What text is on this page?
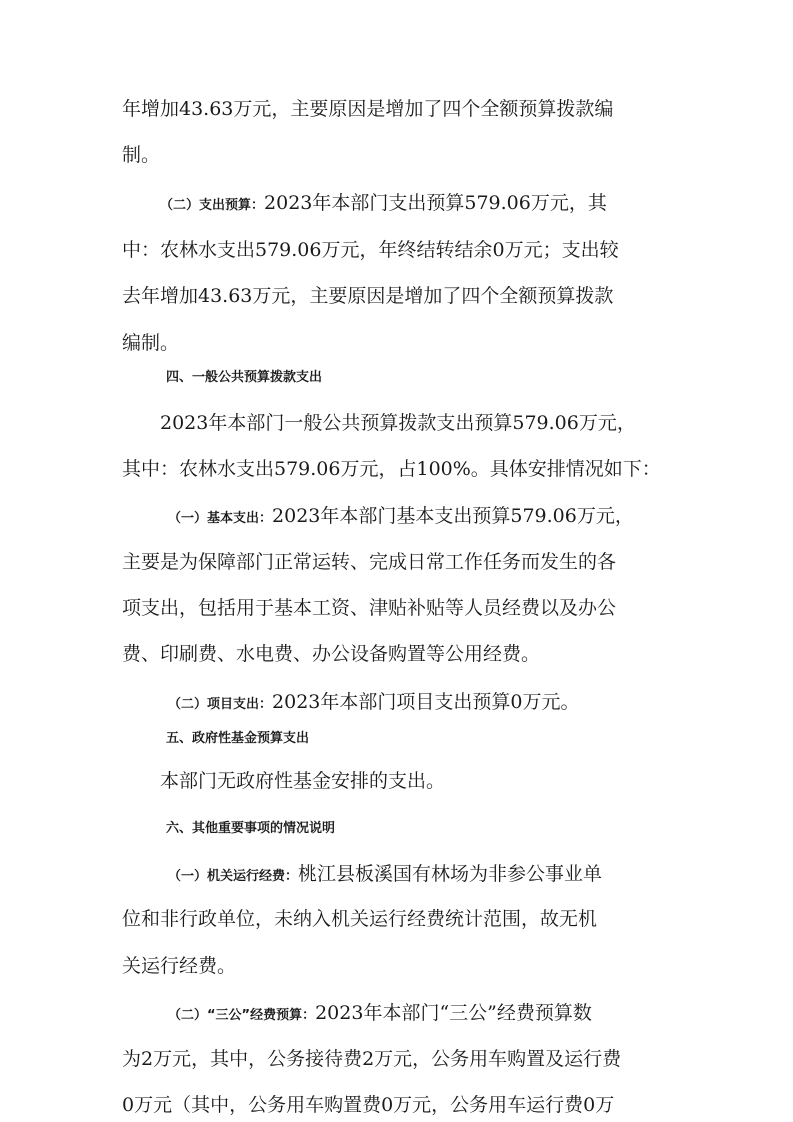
年增加43.63万元，主要原因是增加了四个全额预算拨款编
制。
（二）支出预算：2023年本部门支出预算579.06万元，其
中：农林水支出579.06万元，年终结转结余0万元；支出较
去年增加43.63万元，主要原因是增加了四个全额预算拨款
编制。
四、一般公共预算拨款支出
2023年本部门一般公共预算拨款支出预算579.06万元，
其中：农林水支出579.06万元，占100%。具体安排情况如下：
（一）基本支出：2023年本部门基本支出预算579.06万元，
主要是为保障部门正常运转、完成日常工作任务而发生的各
项支出，包括用于基本工资、津贴补贴等人员经费以及办公
费、印刷费、水电费、办公设备购置等公用经费。
（二）项目支出：2023年本部门项目支出预算0万元。
五、政府性基金预算支出
本部门无政府性基金安排的支出。
六、其他重要事项的情况说明
（一）机关运行经费：桃江县板溪国有林场为非参公事业单
位和非行政单位，未纳入机关运行经费统计范围，故无机
关运行经费。
（二）“三公”经费预算：2023年本部门“三公”经费预算数
为2万元，其中，公务接待费2万元，公务用车购置及运行费
0万元（其中，公务用车购置费0万元，公务用车运行费0万
